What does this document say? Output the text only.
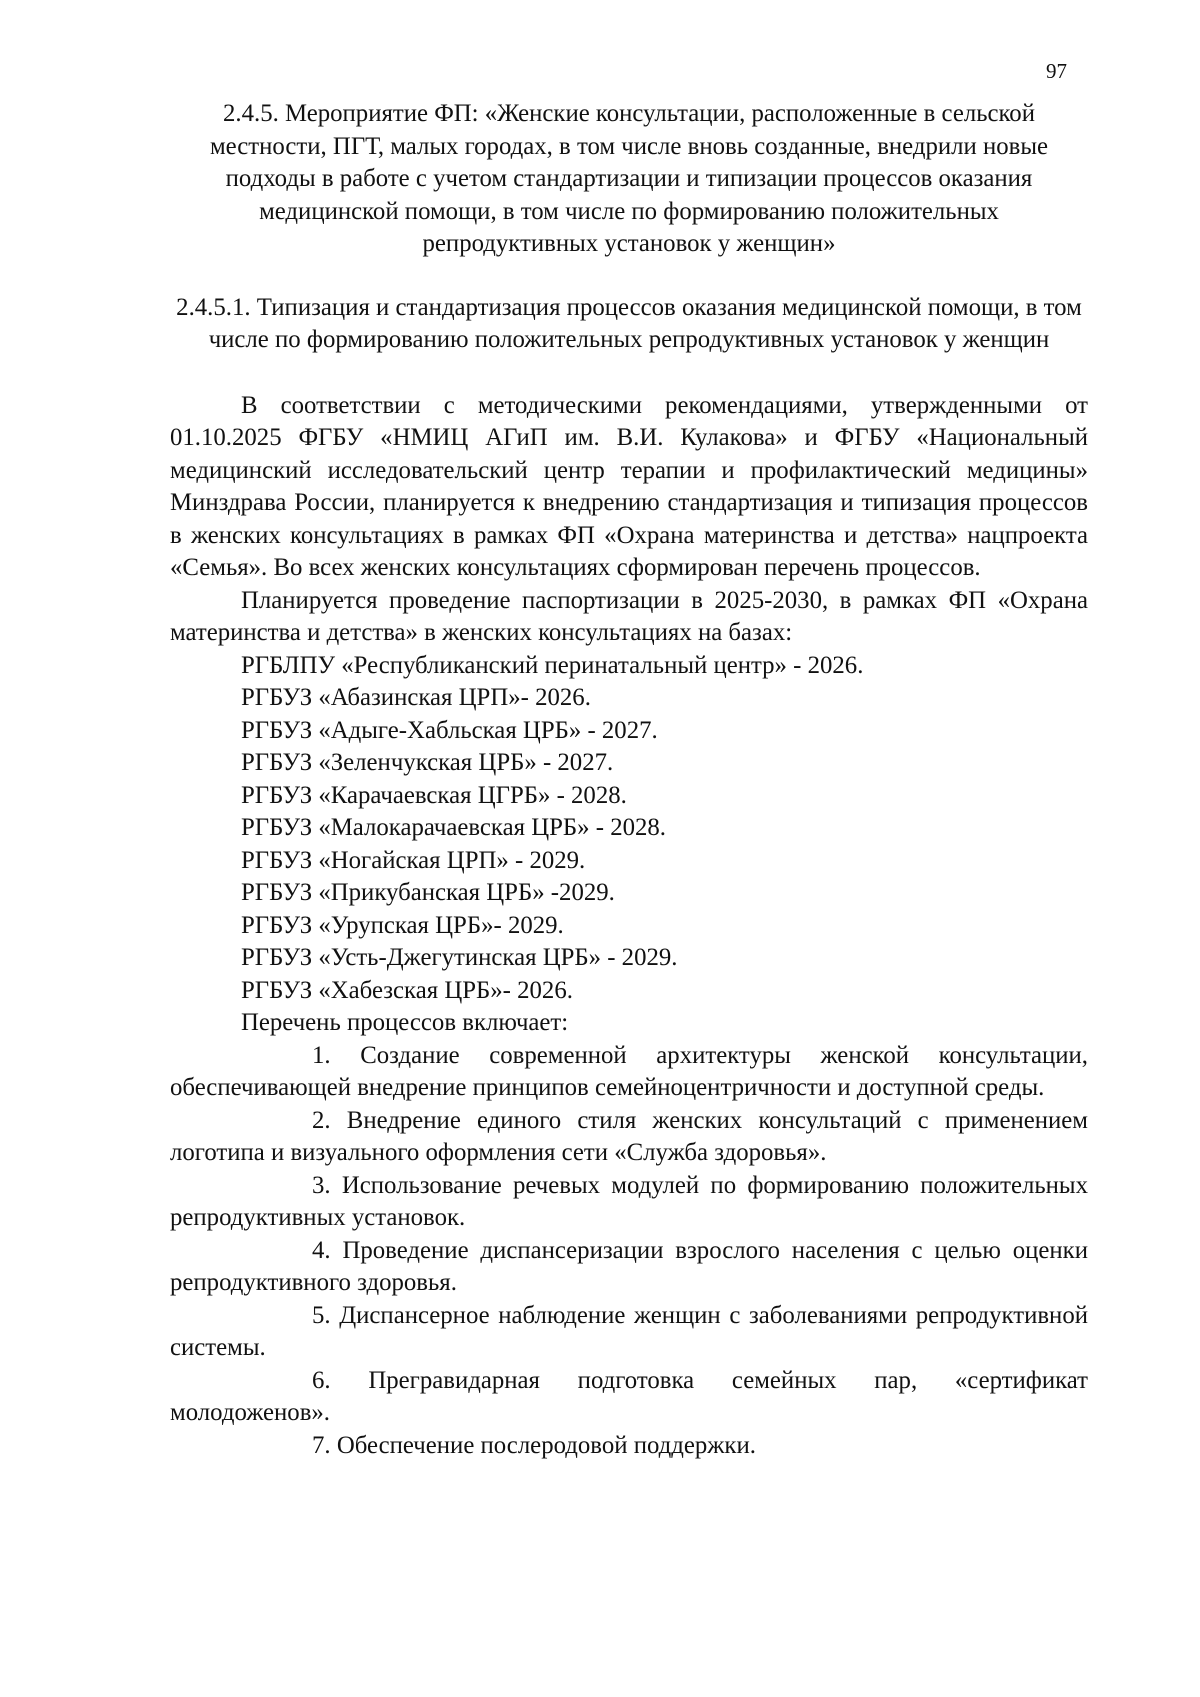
97

2.4.5. Мероприятие ФП: «Женские консультации, расположенные в сельской местности, ПГТ, малых городах, в том числе вновь созданные, внедрили новые подходы в работе с учетом стандартизации и типизации процессов оказания медицинской помощи, в том числе по формированию положительных репродуктивных установок у женщин»

2.4.5.1. Типизация и стандартизация процессов оказания медицинской помощи, в том числе по формированию положительных репродуктивных установок у женщин

В соответствии с методическими рекомендациями, утвержденными от 01.10.2025 ФГБУ «НМИЦ АГиП им. В.И. Кулакова» и ФГБУ «Национальный медицинский исследовательский центр терапии и профилактический медицины» Минздрава России, планируется к внедрению стандартизация и типизация процессов в женских консультациях в рамках ФП «Охрана материнства и детства» нацпроекта «Семья». Во всех женских консультациях сформирован перечень процессов.

Планируется проведение паспортизации в 2025-2030, в рамках ФП «Охрана материнства и детства» в женских консультациях на базах:

РГБЛПУ «Республиканский перинатальный центр» - 2026.

РГБУЗ «Абазинская ЦРП»- 2026.

РГБУЗ «Адыге-Хабльская ЦРБ» - 2027.

РГБУЗ «Зеленчукская ЦРБ» - 2027.

РГБУЗ «Карачаевская ЦГРБ» - 2028.

РГБУЗ «Малокарачаевская ЦРБ» - 2028.

РГБУЗ «Ногайская ЦРП» - 2029.

РГБУЗ «Прикубанская ЦРБ» -2029.

РГБУЗ «Урупская ЦРБ»- 2029.

РГБУЗ «Усть-Джегутинская ЦРБ» - 2029.

РГБУЗ «Хабезская ЦРБ»- 2026.

Перечень процессов включает:

1. Создание современной архитектуры женской консультации, обеспечивающей внедрение принципов семейноцентричности и доступной среды.

2. Внедрение единого стиля женских консультаций с применением логотипа и визуального оформления сети «Служба здоровья».

3. Использование речевых модулей по формированию положительных репродуктивных установок.

4. Проведение диспансеризации взрослого населения с целью оценки репродуктивного здоровья.

5. Диспансерное наблюдение женщин с заболеваниями репродуктивной системы.

6. Прегравидарная подготовка семейных пар, «сертификат молодоженов».

7. Обеспечение послеродовой поддержки.
